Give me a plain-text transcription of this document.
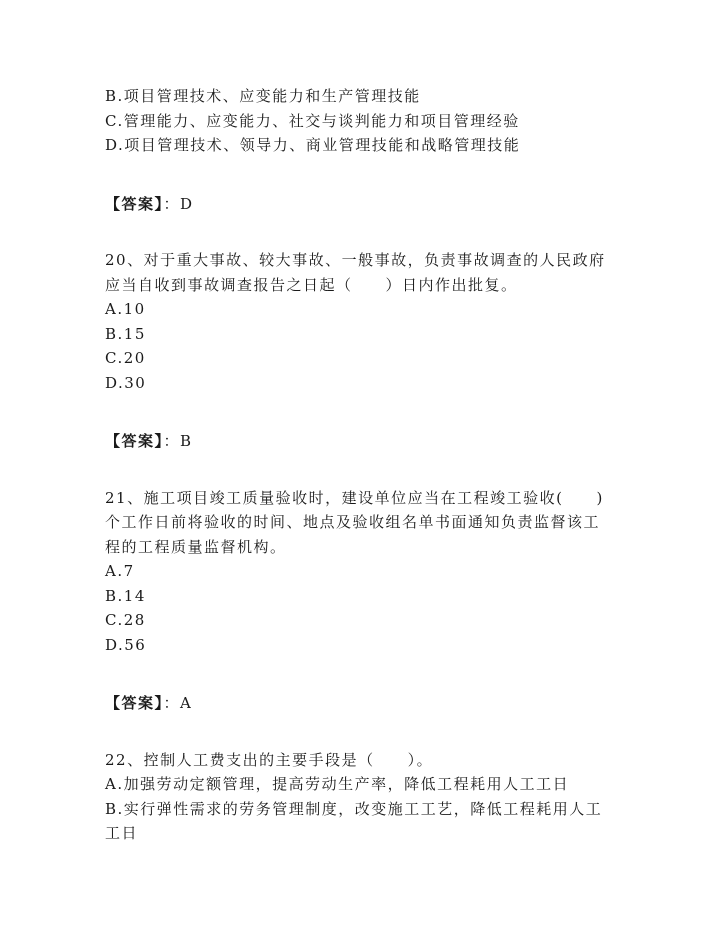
B.项目管理技术、应变能力和生产管理技能

C.管理能力、应变能力、社交与谈判能力和项目管理经验

D.项目管理技术、领导力、商业管理技能和战略管理技能

【答案】：D

20、对于重大事故、较大事故、一般事故，负责事故调查的人民政府

应当自收到事故调查报告之日起（　　）日内作出批复。

A.10

B.15

C.20

D.30

【答案】：B

21、施工项目竣工质量验收时，建设单位应当在工程竣工验收(　　)

个工作日前将验收的时间、地点及验收组名单书面通知负责监督该工

程的工程质量监督机构。

A.7

B.14

C.28

D.56

【答案】：A

22、控制人工费支出的主要手段是（　　）。

A.加强劳动定额管理，提高劳动生产率，降低工程耗用人工工日

B.实行弹性需求的劳务管理制度，改变施工工艺，降低工程耗用人工

工日
